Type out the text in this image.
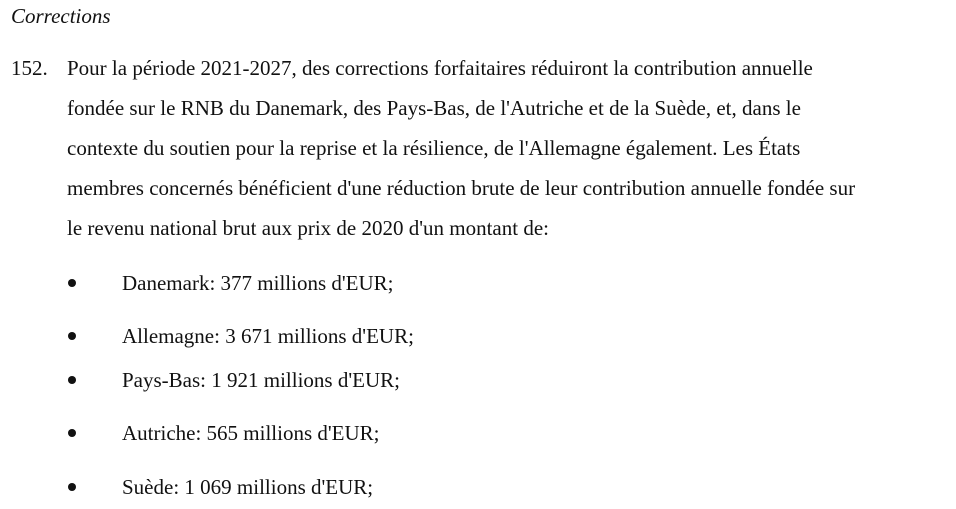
Corrections
152. Pour la période 2021-2027, des corrections forfaitaires réduiront la contribution annuelle
fondée sur le RNB du Danemark, des Pays-Bas, de l'Autriche et de la Suède, et, dans le
contexte du soutien pour la reprise et la résilience, de l'Allemagne également. Les États
membres concernés bénéficient d'une réduction brute de leur contribution annuelle fondée sur
le revenu national brut aux prix de 2020 d'un montant de:
Danemark: 377 millions d'EUR;
Allemagne: 3 671 millions d'EUR;
Pays-Bas: 1 921 millions d'EUR;
Autriche: 565 millions d'EUR;
Suède: 1 069 millions d'EUR;
